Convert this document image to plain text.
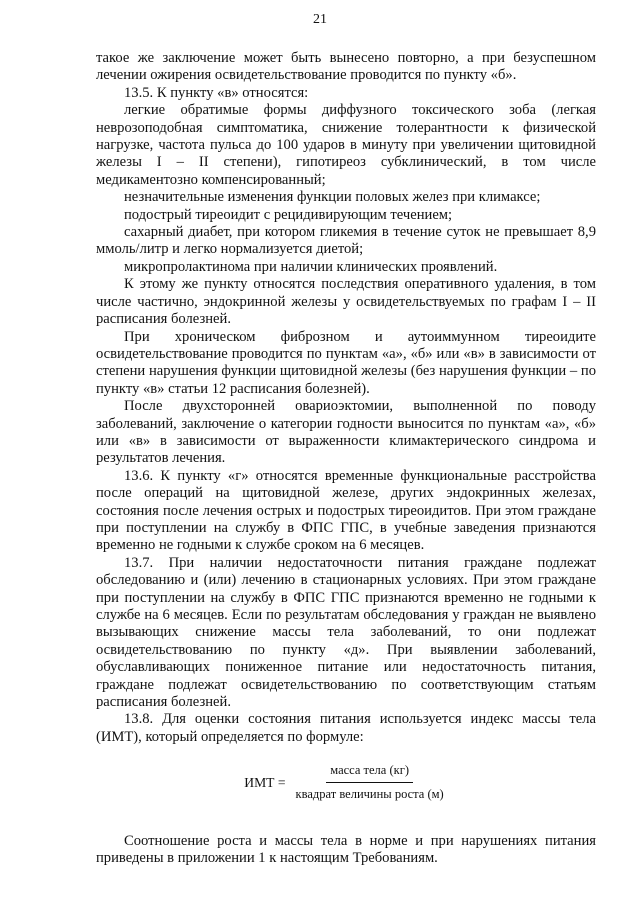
21

такое же заключение может быть вынесено повторно, а при безуспешном лечении ожирения освидетельствование проводится по пункту «б».

13.5. К пункту «в» относятся:

легкие обратимые формы диффузного токсического зоба (легкая неврозоподобная симптоматика, снижение толерантности к физической нагрузке, частота пульса до 100 ударов в минуту при увеличении щитовидной железы I – II степени), гипотиреоз субклинический, в том числе медикаментозно компенсированный;

незначительные изменения функции половых желез при климаксе;

подострый тиреоидит с рецидивирующим течением;

сахарный диабет, при котором гликемия в течение суток не превышает 8,9 ммоль/литр и легко нормализуется диетой;

микропролактинома при наличии клинических проявлений.

К этому же пункту относятся последствия оперативного удаления, в том числе частично, эндокринной железы у освидетельствуемых по графам I – II расписания болезней.

При хроническом фиброзном и аутоиммунном тиреоидите освидетельствование проводится по пунктам «а», «б» или «в» в зависимости от степени нарушения функции щитовидной железы (без нарушения функции – по пункту «в» статьи 12 расписания болезней).

После двухсторонней овариоэктомии, выполненной по поводу заболеваний, заключение о категории годности выносится по пунктам «а», «б» или «в» в зависимости от выраженности климактерического синдрома и результатов лечения.

13.6. К пункту «г» относятся временные функциональные расстройства после операций на щитовидной железе, других эндокринных железах, состояния после лечения острых и подострых тиреоидитов. При этом граждане при поступлении на службу в ФПС ГПС, в учебные заведения признаются временно не годными к службе сроком на 6 месяцев.

13.7. При наличии недостаточности питания граждане подлежат обследованию и (или) лечению в стационарных условиях. При этом граждане при поступлении на службу в ФПС ГПС признаются временно не годными к службе на 6 месяцев. Если по результатам обследования у граждан не выявлено вызывающих снижение массы тела заболеваний, то они подлежат освидетельствованию по пункту «д». При выявлении заболеваний, обуславливающих пониженное питание или недостаточность питания, граждане подлежат освидетельствованию по соответствующим статьям расписания болезней.

13.8. Для оценки состояния питания используется индекс массы тела (ИМТ), который определяется по формуле:

ИМТ = $\frac{\text{масса тела (кг)}}{\text{квадрат величины роста (м)}}$

Соотношение роста и массы тела в норме и при нарушениях питания приведены в приложении 1 к настоящим Требованиям.
